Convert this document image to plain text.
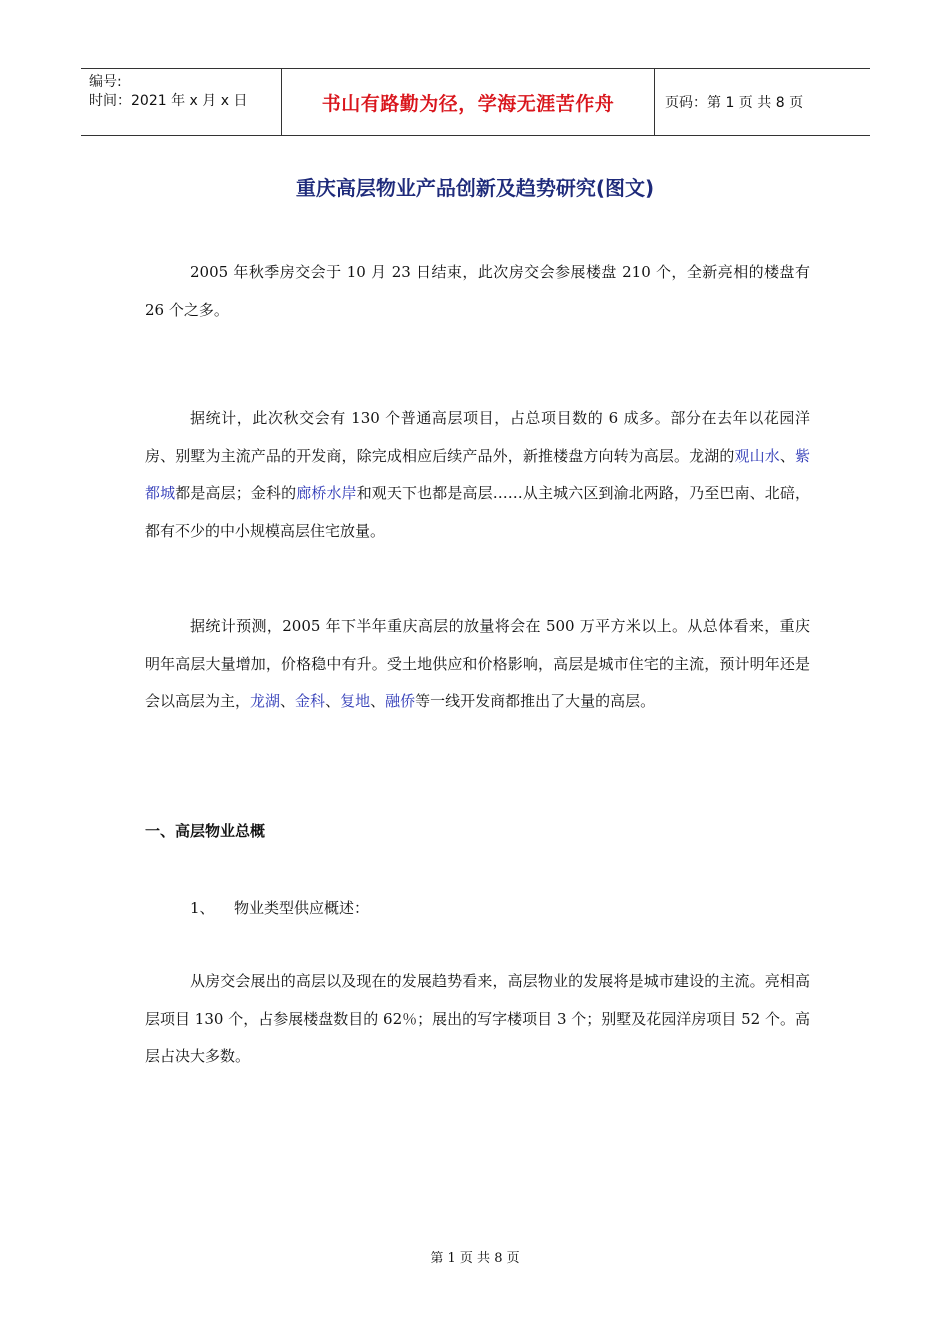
编号:
时间：2021 年 x 月 x 日	书山有路勤为径，学海无涯苦作舟	页码：第 1 页 共 8 页
重庆高层物业产品创新及趋势研究(图文)

2005 年秋季房交会于 10 月 23 日结束，此次房交会参展楼盘 210 个，全新亮相的楼盘有 26 个之多。

据统计，此次秋交会有 130 个普通高层项目，占总项目数的 6 成多。部分在去年以花园洋房、别墅为主流产品的开发商，除完成相应后续产品外，新推楼盘方向转为高层。龙湖的观山水、紫都城都是高层；金科的廊桥水岸和观天下也都是高层……从主城六区到渝北两路，乃至巴南、北碚，都有不少的中小规模高层住宅放量。

据统计预测，2005 年下半年重庆高层的放量将会在 500 万平方米以上。从总体看来，重庆明年高层大量增加，价格稳中有升。受土地供应和价格影响，高层是城市住宅的主流，预计明年还是会以高层为主，龙湖、金科、复地、融侨等一线开发商都推出了大量的高层。

一、高层物业总概
1、 物业类型供应概述：

从房交会展出的高层以及现在的发展趋势看来，高层物业的发展将是城市建设的主流。亮相高层项目 130 个，占参展楼盘数目的 62％；展出的写字楼项目 3 个；别墅及花园洋房项目 52 个。高层占决大多数。

第 1 页 共 8 页
